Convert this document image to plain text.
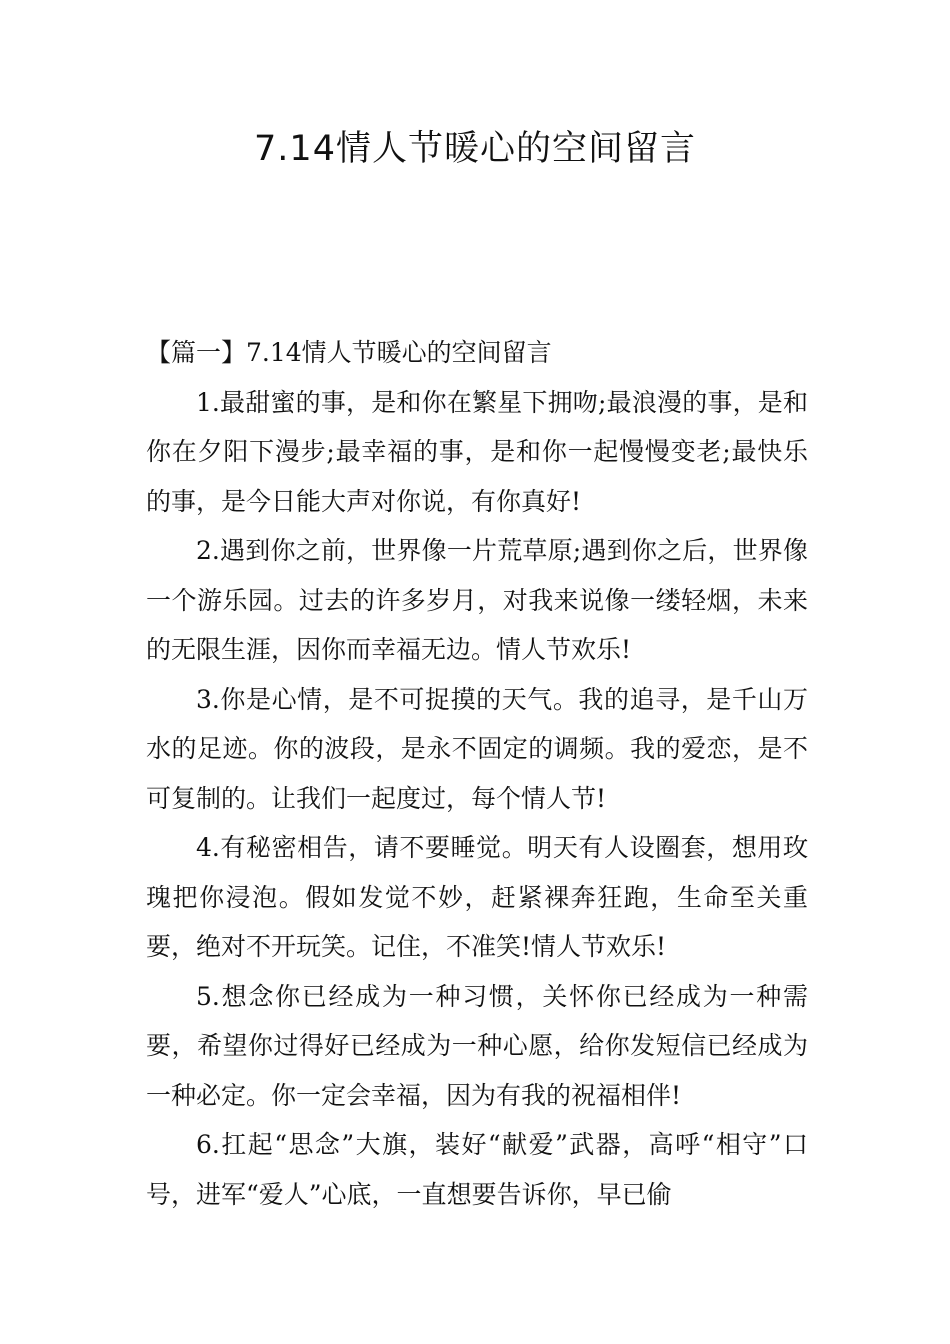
7.14情人节暖心的空间留言
【篇一】7.14情人节暖心的空间留言

1.最甜蜜的事，是和你在繁星下拥吻;最浪漫的事，是和你在夕阳下漫步;最幸福的事，是和你一起慢慢变老;最快乐的事，是今日能大声对你说，有你真好!

2.遇到你之前，世界像一片荒草原;遇到你之后，世界像一个游乐园。过去的许多岁月，对我来说像一缕轻烟，未来的无限生涯，因你而幸福无边。情人节欢乐!

3.你是心情，是不可捉摸的天气。我的追寻，是千山万水的足迹。你的波段，是永不固定的调频。我的爱恋，是不可复制的。让我们一起度过，每个情人节!

4.有秘密相告，请不要睡觉。明天有人设圈套，想用玫瑰把你浸泡。假如发觉不妙，赶紧裸奔狂跑，生命至关重要，绝对不开玩笑。记住，不准笑!情人节欢乐!

5.想念你已经成为一种习惯，关怀你已经成为一种需要，希望你过得好已经成为一种心愿，给你发短信已经成为一种必定。你一定会幸福，因为有我的祝福相伴!

6.扛起“思念”大旗，装好“献爱”武器，高呼“相守”口号，进军“爱人”心底，一直想要告诉你，早已偷
